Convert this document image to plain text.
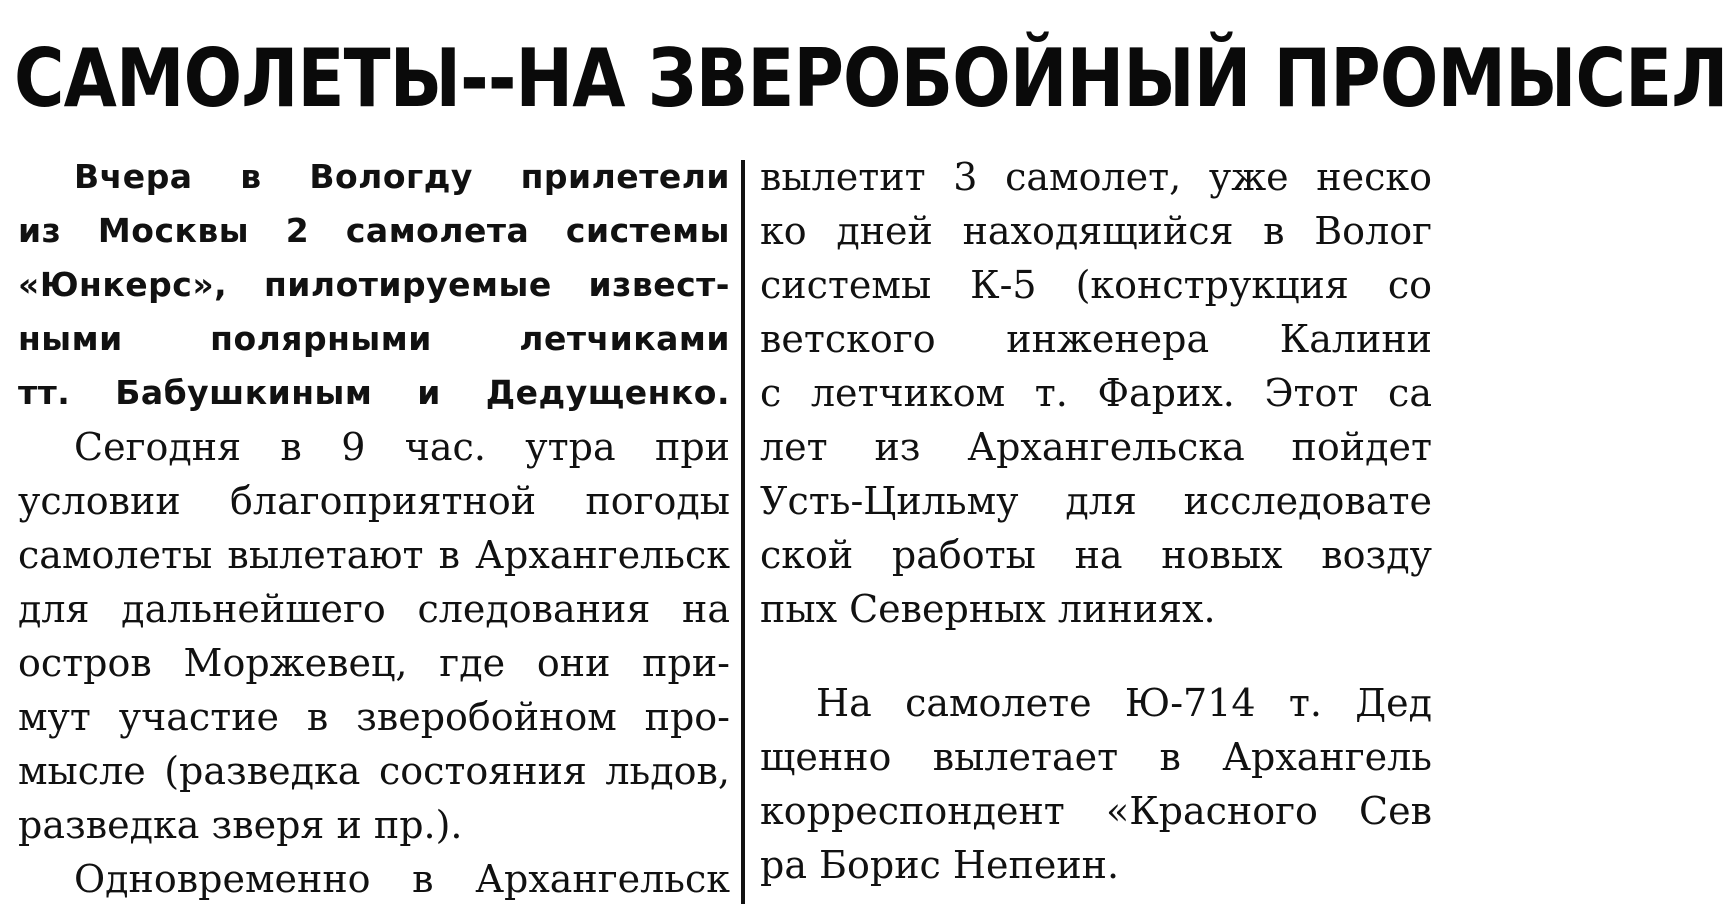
САМОЛЕТЫ--НА ЗВЕРОБОЙНЫЙ ПРОМЫСЕЛ
Вчера в Вологду прилетели
из Москвы 2 самолета системы
«Юнкерс», пилотируемые извест-
ными полярными летчиками
тт. Бабушкиным и Дедущенко.
Сегодня в 9 час. утра при
условии благоприятной погоды
самолеты вылетают в Архангельск
для дальнейшего следования на
остров Моржевец, где они при-
мут участие в зверобойном про-
мысле (разведка состояния льдов,
разведка зверя и пр.).
Одновременно в Архангельск
вылетит 3 самолет, уже неско
ко дней находящийся в Волог
системы К-5 (конструкция со
ветского инженера Калини
с летчиком т. Фарих. Этот са
лет из Архангельска пойдет
Усть-Цильму для исследовате
ской работы на новых возду
пых Северных линиях.
На самолете Ю-714 т. Дед
щенно вылетает в Архангель
корреспондент «Красного Сев
ра Борис Непеин.
